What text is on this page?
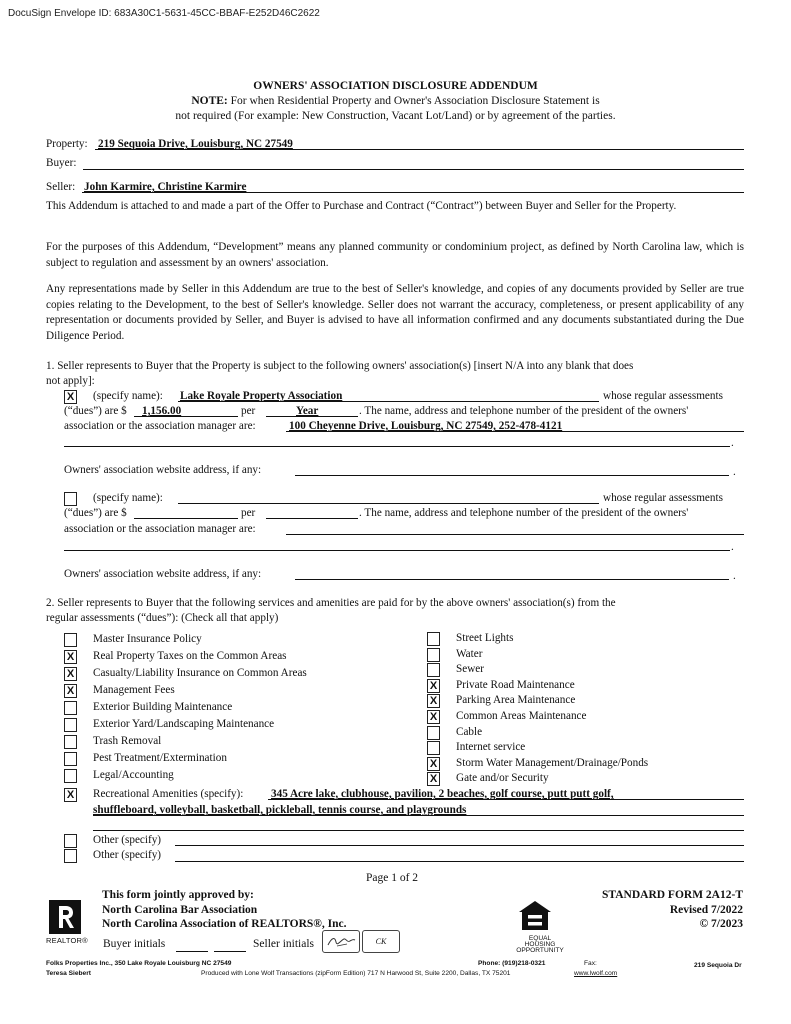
DocuSign Envelope ID: 683A30C1-5631-45CC-BBAF-E252D46C2622
OWNERS' ASSOCIATION DISCLOSURE ADDENDUM
NOTE: For when Residential Property and Owner's Association Disclosure Statement is
not required (For example: New Construction, Vacant Lot/Land) or by agreement of the parties.
Property: 219 Sequoia Drive, Louisburg, NC 27549
Buyer:
Seller: John Karmire, Christine Karmire
This Addendum is attached to and made a part of the Offer to Purchase and Contract (“Contract”) between Buyer and Seller for the Property.
For the purposes of this Addendum, “Development” means any planned community or condominium project, as defined by North Carolina law, which is subject to regulation and assessment by an owners' association.
Any representations made by Seller in this Addendum are true to the best of Seller's knowledge, and copies of any documents provided by Seller are true copies relating to the Development, to the best of Seller's knowledge. Seller does not warrant the accuracy, completeness, or present applicability of any representation or documents provided by Seller, and Buyer is advised to have all information confirmed and any documents substantiated during the Due Diligence Period.
1. Seller represents to Buyer that the Property is subject to the following owners' association(s) [insert N/A into any blank that does
not apply]:
X (specify name): Lake Royale Property Association	whose regular assessments
(“dues”) are $ 1,156.00	per	Year	. The name, address and telephone number of the president of the owners'
association or the association manager are:	100 Cheyenne Drive, Louisburg, NC 27549, 252-478-4121
.
Owners' association website address, if any:	.
(specify name):	whose regular assessments
(“dues”) are $	per	. The name, address and telephone number of the president of the owners'
association or the association manager are:
.
Owners' association website address, if any:	.
2. Seller represents to Buyer that the following services and amenities are paid for by the above owners' association(s) from the
regular assessments (“dues”): (Check all that apply)
Master Insurance Policy
X Real Property Taxes on the Common Areas
X Casualty/Liability Insurance on Common Areas
X Management Fees
Exterior Building Maintenance
Exterior Yard/Landscaping Maintenance
Trash Removal
Pest Treatment/Extermination
Legal/Accounting
Street Lights
Water
Sewer
X Private Road Maintenance
X Parking Area Maintenance
X Common Areas Maintenance
Cable
Internet service
X Storm Water Management/Drainage/Ponds
X Gate and/or Security
X Recreational Amenities (specify): 345 Acre lake, clubhouse, pavilion, 2 beaches, golf course, putt putt golf,
shuffleboard, volleyball, basketball, pickleball, tennis course, and playgrounds
Other (specify)
Other (specify)
Page 1 of 2
This form jointly approved by:
North Carolina Bar Association
North Carolina Association of REALTORS®, Inc.
STANDARD FORM 2A12-T
Revised 7/2022
© 7/2023
REALTOR® Buyer initials	Seller initials	CK	EQUAL HOUSING OPPORTUNITY
Folks Properties Inc., 350 Lake Royale Louisburg NC 27549
Teresa Siebert
Phone: (919)218-0321	Fax:	219 Sequoia Dr
Produced with Lone Wolf Transactions (zipForm Edition) 717 N Harwood St, Suite 2200, Dallas, TX 75201	www.lwolf.com
